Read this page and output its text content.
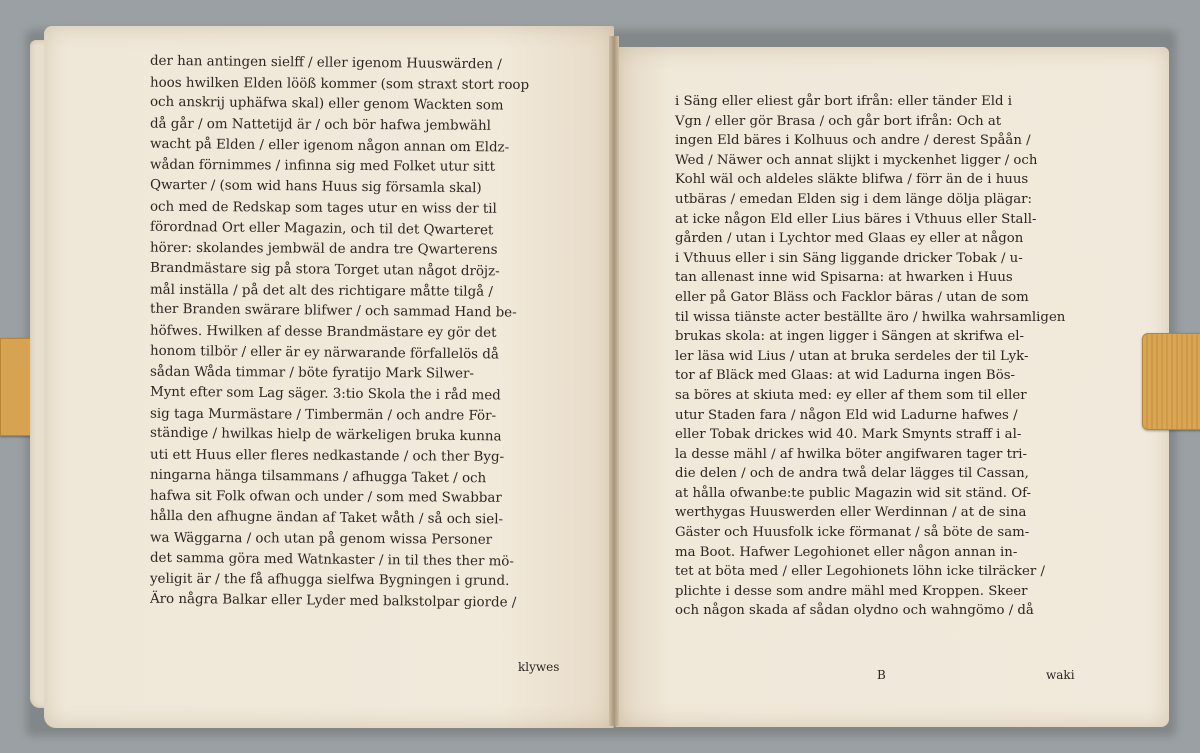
der han antingen sielff / eller igenom Huuswärden /
hoos hwilken Elden lööß kommer (som straxt stort roop
och anskrij uphäfwa skal) eller genom Wackten som
då går / om Nattetijd är / och bör hafwa jembwähl
wacht på Elden / eller igenom någon annan om Eldz-
wådan förnimmes / infinna sig med Folket utur sitt
Qwarter / (som wid hans Huus sig församla skal)
och med de Redskap som tages utur en wiss der til
förordnad Ort eller Magazin, och til det Qwarteret
hörer: skolandes jembwäl de andra tre Qwarterens
Brandmästare sig på stora Torget utan något dröjz-
mål inställa / på det alt des richtigare måtte tilgå /
ther Branden swärare blifwer / och sammad Hand be-
höfwes. Hwilken af desse Brandmästare ey gör det
honom tilbör / eller är ey närwarande förfallelös då
sådan Wåda timmar / böte fyratijo Mark Silwer-
Mynt efter som Lag säger. 3:tio Skola the i råd med
sig taga Murmästare / Timbermän / och andre För-
ständige / hwilkas hielp de wärkeligen bruka kunna
uti ett Huus eller fleres nedkastande / och ther Byg-
ningarna hänga tilsammans / afhugga Taket / och
hafwa sit Folk ofwan och under / som med Swabbar
hålla den afhugne ändan af Taket wåth / så och siel-
wa Wäggarna / och utan på genom wissa Personer
det samma göra med Watnkaster / in til thes ther mö-
yeligit är / the få afhugga sielfwa Bygningen i grund.
Äro några Balkar eller Lyder med balkstolpar giorde /
klywes
i Säng eller eliest går bort ifrån: eller tänder Eld i
Vgn / eller gör Brasa / och går bort ifrån: Och at
ingen Eld bäres i Kolhuus och andre / derest Spåån /
Wed / Näwer och annat slijkt i myckenhet ligger / och
Kohl wäl och aldeles släkte blifwa / förr än de i huus
utbäras / emedan Elden sig i dem länge dölja plägar:
at icke någon Eld eller Lius bäres i Vthuus eller Stall-
gården / utan i Lychtor med Glaas ey eller at någon
i Vthuus eller i sin Säng liggande dricker Tobak / u-
tan allenast inne wid Spisarna: at hwarken i Huus
eller på Gator Bläss och Facklor bäras / utan de som
til wissa tiänste acter beställte äro / hwilka wahrsamligen
brukas skola: at ingen ligger i Sängen at skrifwa el-
ler läsa wid Lius / utan at bruka serdeles der til Lyk-
tor af Bläck med Glaas: at wid Ladurna ingen Bös-
sa böres at skiuta med: ey eller af them som til eller
utur Staden fara / någon Eld wid Ladurne hafwes /
eller Tobak drickes wid 40. Mark Smynts straff i al-
la desse mähl / af hwilka böter angifwaren tager tri-
die delen / och de andra twå delar lägges til Cassan,
at hålla ofwanbe:te public Magazin wid sit ständ. Of-
werthygas Huuswerden eller Werdinnan / at de sina
Gäster och Huusfolk icke förmanat / så böte de sam-
ma Boot. Hafwer Legohionet eller någon annan in-
tet at böta med / eller Legohionets löhn icke tilräcker /
plichte i desse som andre mähl med Kroppen. Skeer
och någon skada af sådan olydno och wahngömo / då
B	waki
